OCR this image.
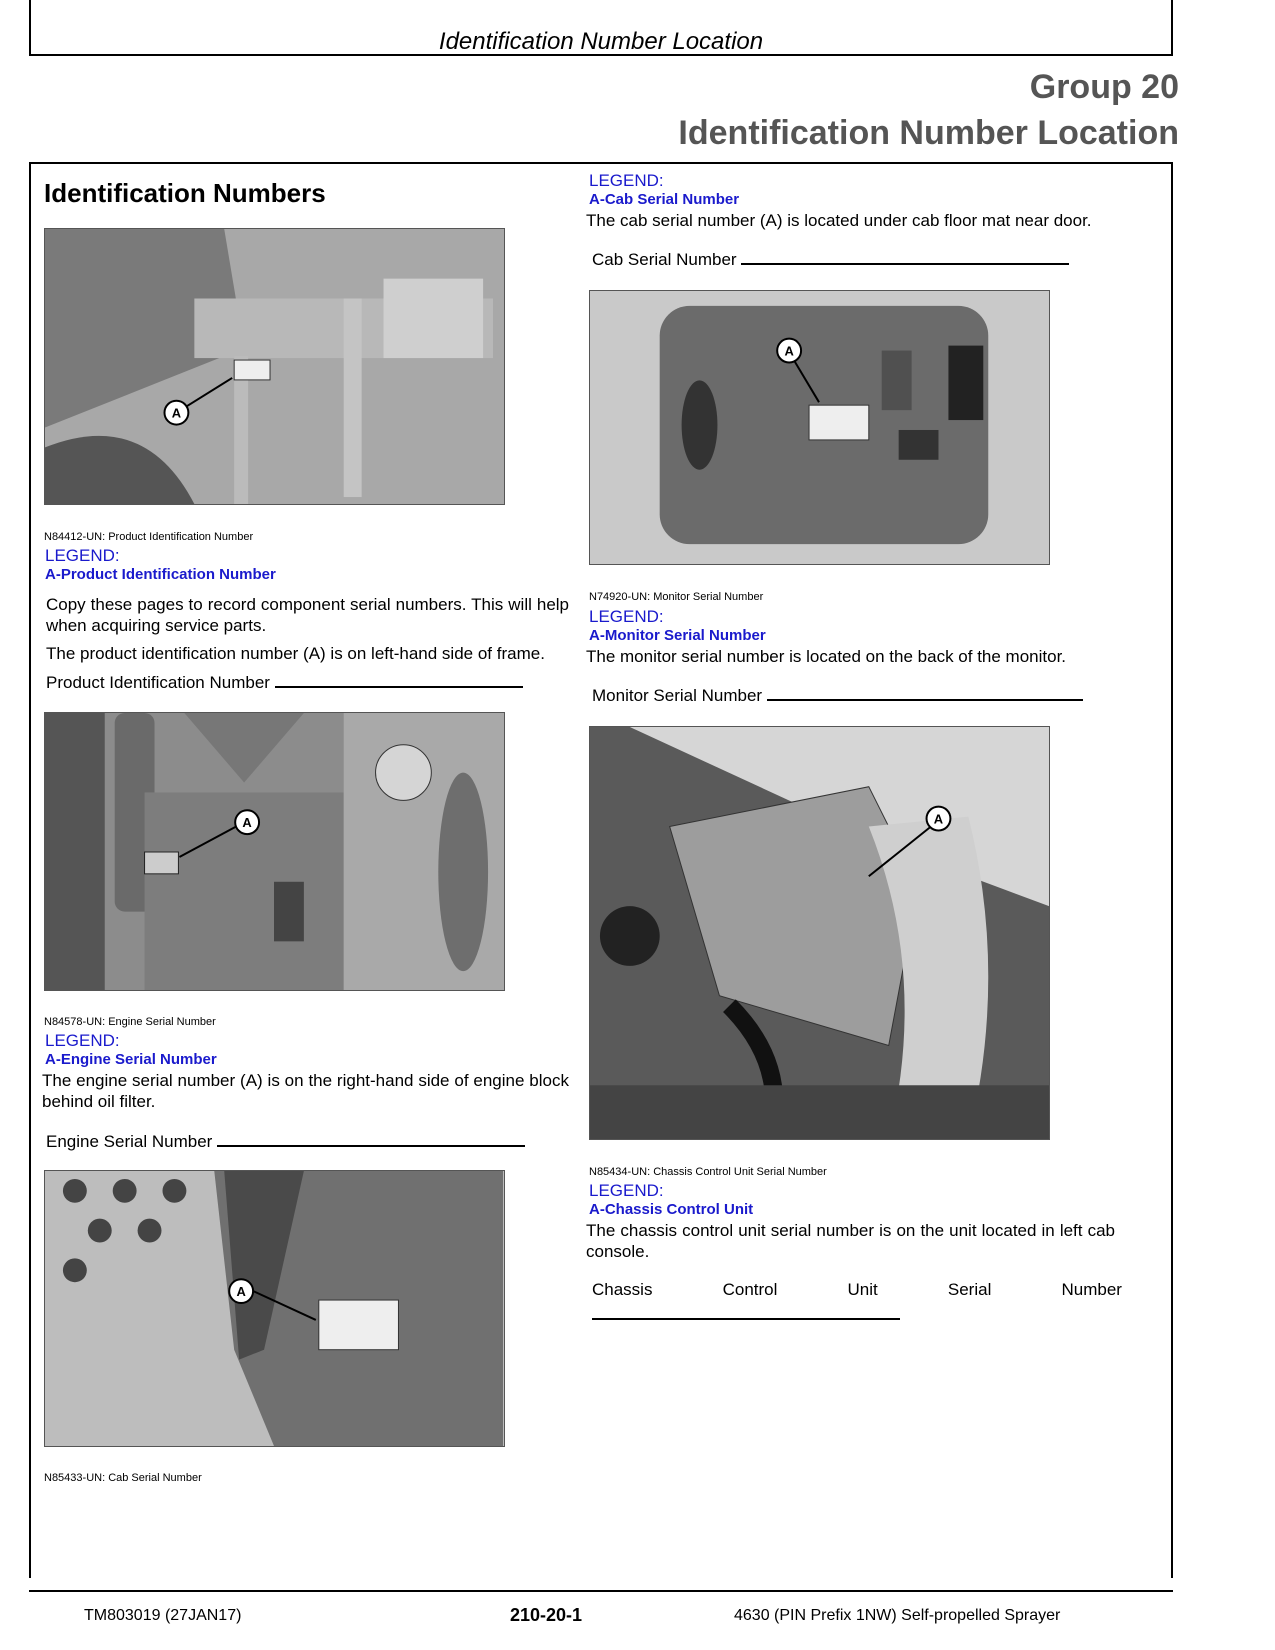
Identification Number Location
Group 20
Identification Number Location
Identification Numbers
A
N84412-UN: Product Identification Number
LEGEND:
A-Product Identification Number
Copy these pages to record component serial numbers. This will help when acquiring service parts.
The product identification number (A) is on left-hand side of frame.
Product Identification Number
A
N84578-UN: Engine Serial Number
LEGEND:
A-Engine Serial Number
The engine serial number (A) is on the right-hand side of engine block behind oil filter.
Engine Serial Number
A
N85433-UN: Cab Serial Number
LEGEND:
A-Cab Serial Number
The cab serial number (A) is located under cab floor mat near door.
Cab Serial Number
A
N74920-UN: Monitor Serial Number
LEGEND:
A-Monitor Serial Number
The monitor serial number is located on the back of the monitor.
Monitor Serial Number
A
N85434-UN: Chassis Control Unit Serial Number
LEGEND:
A-Chassis Control Unit
The chassis control unit serial number is on the unit located in left cab console.
Chassis	Control	Unit	Serial	Number
TM803019 (27JAN17)	210-20-1	4630 (PIN Prefix 1NW) Self-propelled Sprayer
